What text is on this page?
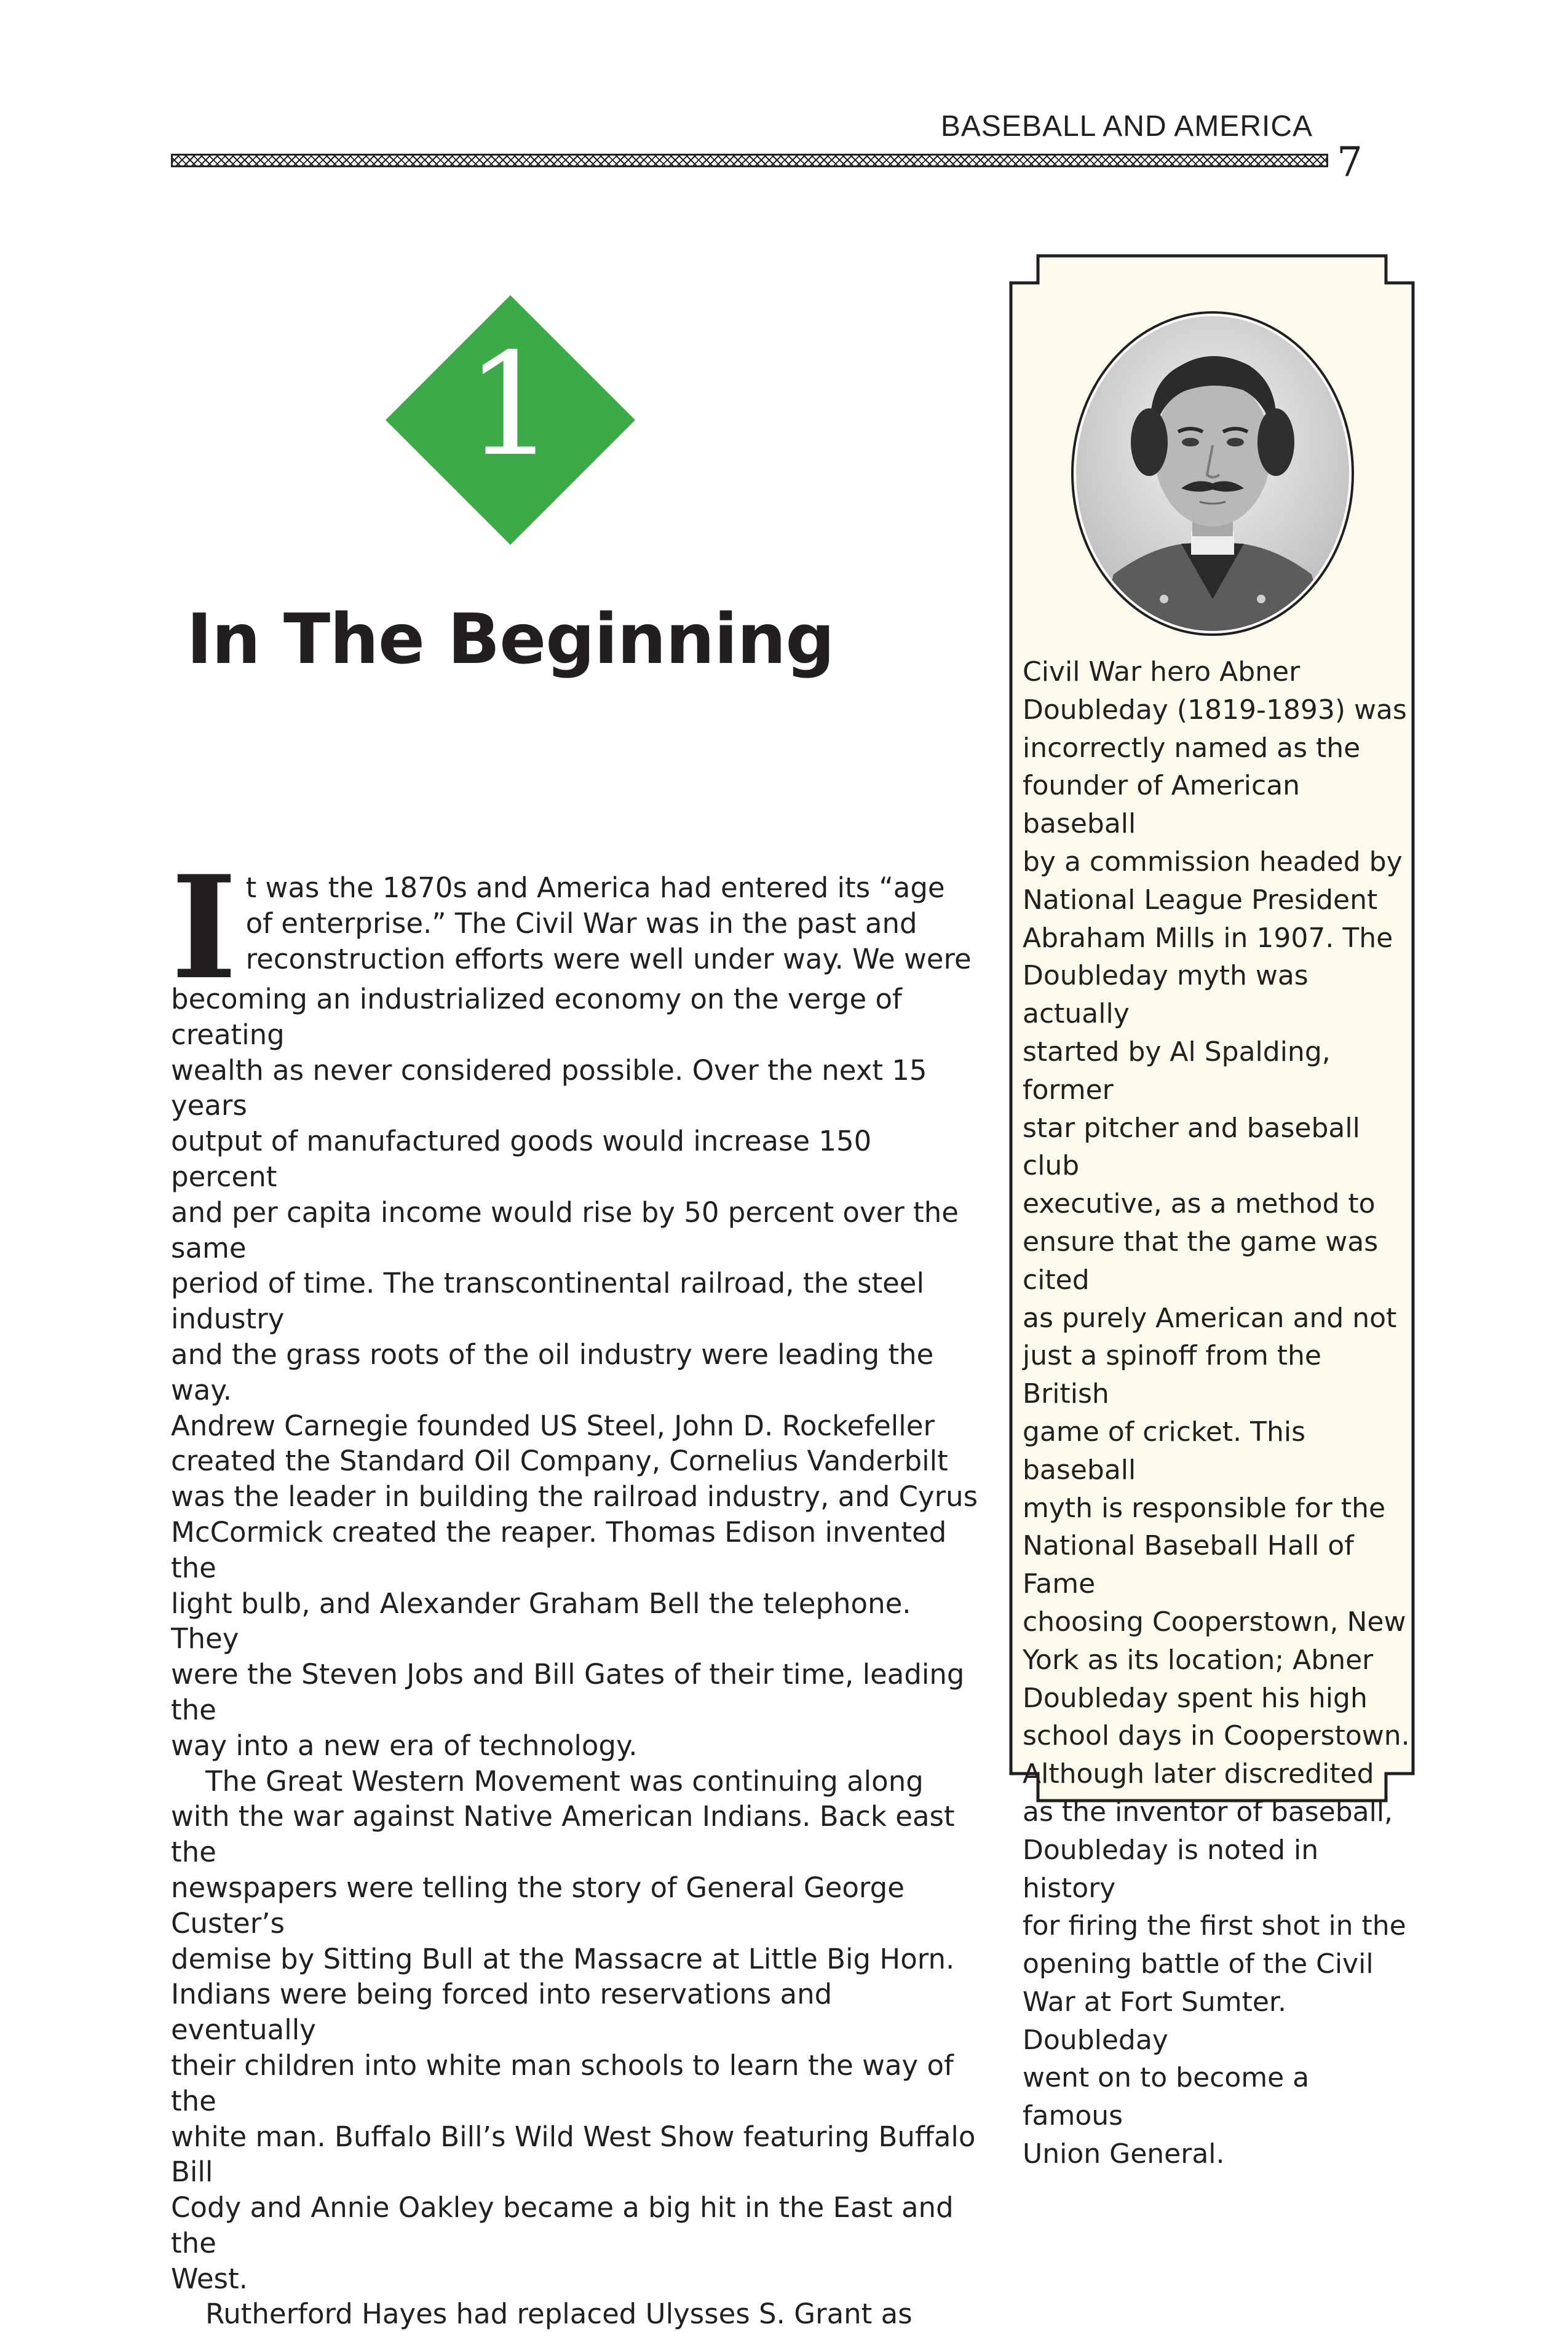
BASEBALL AND AMERICA
7
1
In The Beginning
I t was the 1870s and America had entered its “age
of enterprise.” The Civil War was in the past and
reconstruction efforts were well under way. We were

becoming an industrialized economy on the verge of creating
wealth as never considered possible. Over the next 15 years
output of manufactured goods would increase 150 percent
and per capita income would rise by 50 percent over the same
period of time. The transcontinental railroad, the steel industry
and the grass roots of the oil industry were leading the way.
Andrew Carnegie founded US Steel, John D. Rockefeller
created the Standard Oil Company, Cornelius Vanderbilt
was the leader in building the railroad industry, and Cyrus
McCormick created the reaper. Thomas Edison invented the
light bulb, and Alexander Graham Bell the telephone. They
were the Steven Jobs and Bill Gates of their time, leading the
way into a new era of technology.

The Great Western Movement was continuing along

with the war against Native American Indians. Back east the
newspapers were telling the story of General George Custer’s
demise by Sitting Bull at the Massacre at Little Big Horn.
Indians were being forced into reservations and eventually
their children into white man schools to learn the way of the
white man. Buffalo Bill’s Wild West Show featuring Buffalo Bill
Cody and Annie Oakley became a big hit in the East and the
West.

Rutherford Hayes had replaced Ulysses S. Grant as

Civil War hero Abner
Doubleday (1819-1893) was
incorrectly named as the
founder of American baseball
by a commission headed by
National League President
Abraham Mills in 1907. The
Doubleday myth was actually
started by Al Spalding, former
star pitcher and baseball club
executive, as a method to
ensure that the game was cited
as purely American and not
just a spinoff from the British
game of cricket. This baseball
myth is responsible for the
National Baseball Hall of Fame
choosing Cooperstown, New
York as its location; Abner
Doubleday spent his high
school days in Cooperstown.
Although later discredited
as the inventor of baseball,
Doubleday is noted in history
for firing the first shot in the
opening battle of the Civil
War at Fort Sumter. Doubleday
went on to become a famous
Union General.
